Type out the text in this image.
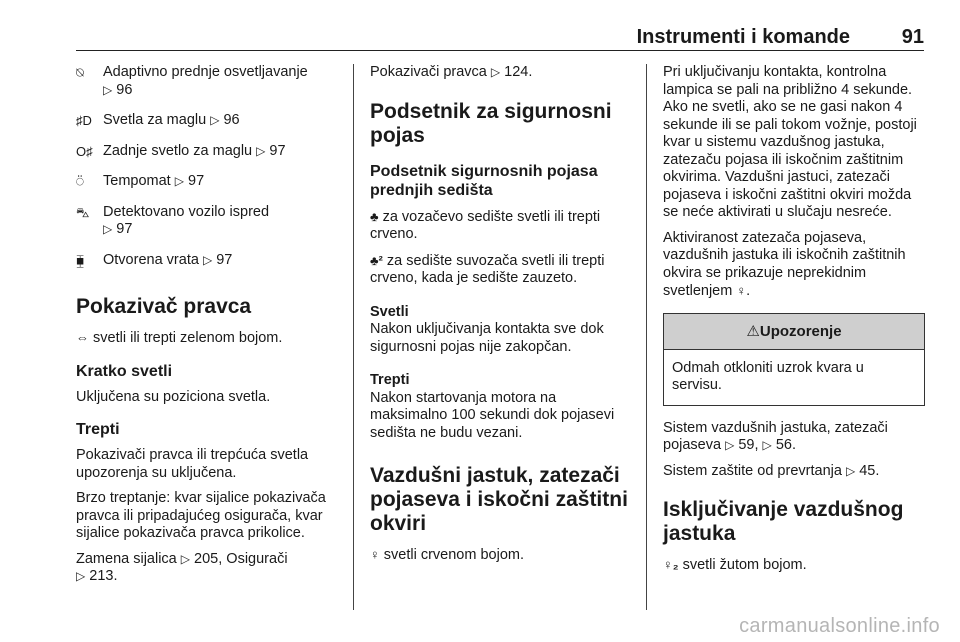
Instrumenti i komande	91
⍉	Adaptivno prednje osvetljavanje
▷ 96
♯D Svetla za maglu ▷ 96
O♯ Zadnje svetlo za maglu ▷ 97
⍥	Tempomat ▷ 97
⛍ Detektovano vozilo ispred
▷ 97
⧯	Otvorena vrata ▷ 97
Pokazivač pravca

⇔ svetli ili trepti zelenom bojom.

Kratko svetli

Uključena su poziciona svetla.

Trepti

Pokazivači pravca ili trepćuća svetla upozorenja su uključena.

Brzo treptanje: kvar sijalice pokazivača pravca ili pripadajućeg osigurača, kvar sijalice pokazivača pravca prikolice.

Zamena sijalica ▷ 205, Osigurači
▷ 213.

Pokazivači pravca ▷ 124.

Podsetnik za sigurnosni pojas
Podsetnik sigurnosnih pojasa prednjih sedišta

♣ za vozačevo sedište svetli ili trepti crveno.

♣² za sedište suvozača svetli ili trepti crveno, kada je sedište zauzeto.

Svetli

Nakon uključivanja kontakta sve dok sigurnosni pojas nije zakopčan.

Trepti

Nakon startovanja motora na maksimalno 100 sekundi dok pojasevi sedišta ne budu vezani.

Vazdušni jastuk, zatezači pojaseva i iskočni zaštitni okviri

♀ svetli crvenom bojom.

Pri uključivanju kontakta, kontrolna lampica se pali na približno 4 sekunde. Ako ne svetli, ako se ne gasi nakon 4 sekunde ili se pali tokom vožnje, postoji kvar u sistemu vazdušnog jastuka, zatezaču pojasa ili iskočnim zaštitnim okvirima. Vazdušni jastuci, zatezači pojaseva i iskočni zaštitni okviri možda se neće aktivirati u slučaju nesreće.

Aktiviranost zatezača pojaseva, vazdušnih jastuka ili iskočnih zaštitnih okvira se prikazuje neprekidnim svetlenjem ♀.

⚠Upozorenje
Odmah otkloniti uzrok kvara u servisu.

Sistem vazdušnih jastuka, zatezači pojaseva ▷ 59, ▷ 56.

Sistem zaštite od prevrtanja ▷ 45.

Isključivanje vazdušnog jastuka

♀₂ svetli žutom bojom.

carmanualsonline.info
